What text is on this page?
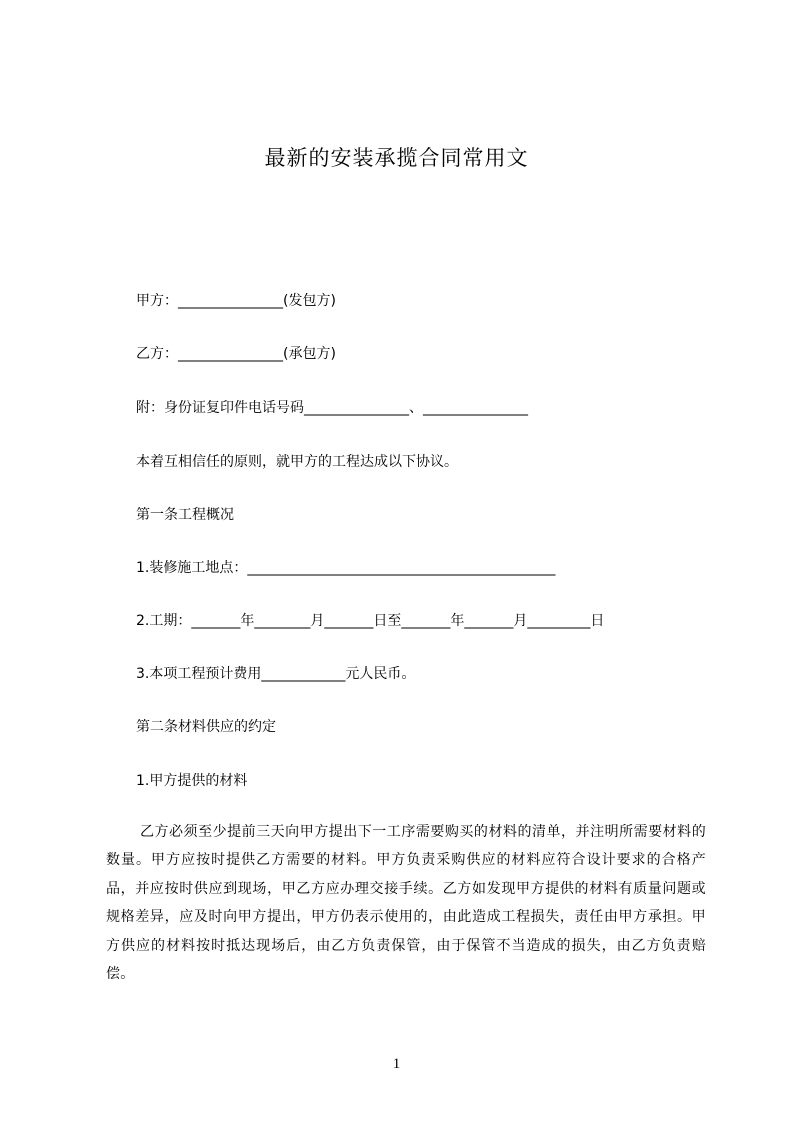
最新的安装承揽合同常用文
甲方：_______________(发包方)
乙方：_______________(承包方)
附：身份证复印件电话号码_______________、_______________
本着互相信任的原则，就甲方的工程达成以下协议。
第一条工程概况
1.装修施工地点：____________________________________________
2.工期：_______年________月_______日至_______年_______月_________日
3.本项工程预计费用____________元人民币。
第二条材料供应的约定
1.甲方提供的材料
乙方必须至少提前三天向甲方提出下一工序需要购买的材料的清单，并注明所需要材料的数量。甲方应按时提供乙方需要的材料。甲方负责采购供应的材料应符合设计要求的合格产品，并应按时供应到现场，甲乙方应办理交接手续。乙方如发现甲方提供的材料有质量问题或规格差异，应及时向甲方提出，甲方仍表示使用的，由此造成工程损失，责任由甲方承担。甲方供应的材料按时抵达现场后，由乙方负责保管，由于保管不当造成的损失，由乙方负责赔偿。
1
